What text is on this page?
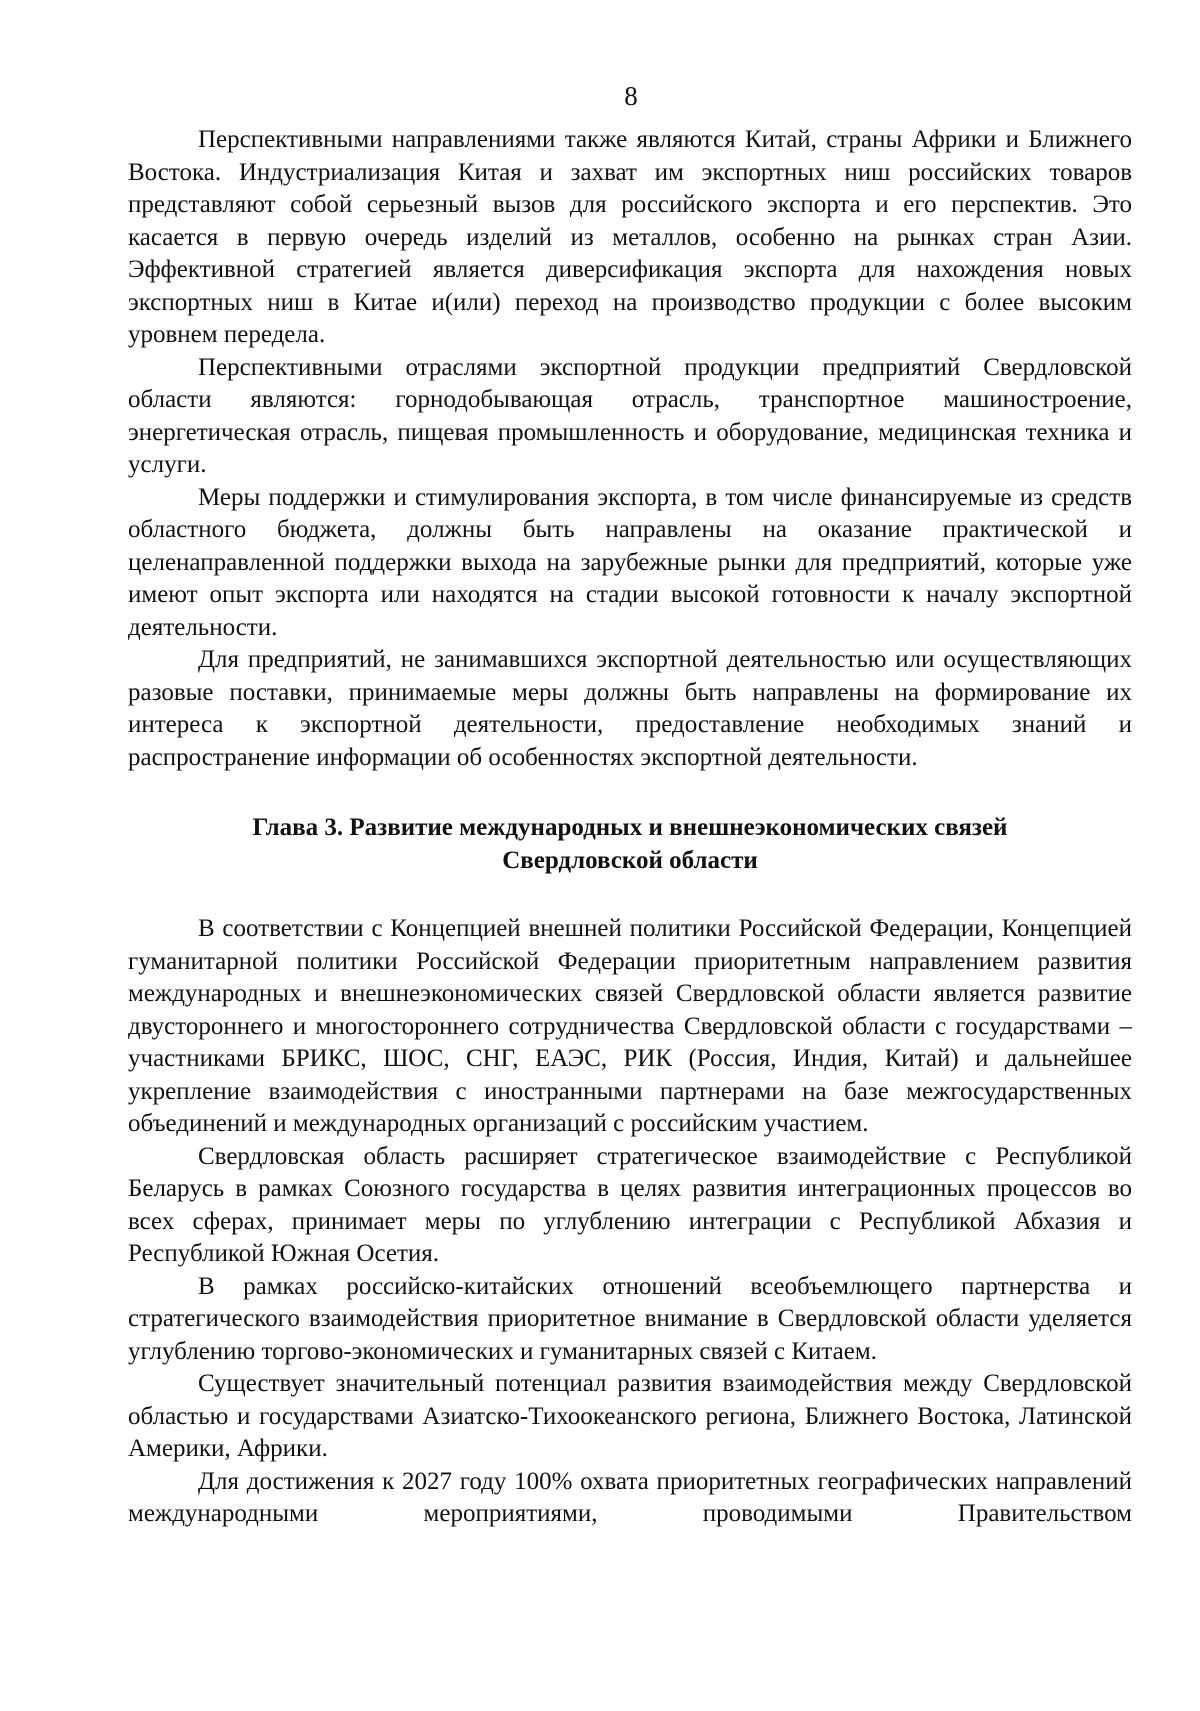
8

Перспективными направлениями также являются Китай, страны Африки и Ближнего Востока. Индустриализация Китая и захват им экспортных ниш российских товаров представляют собой серьезный вызов для российского экспорта и его перспектив. Это касается в первую очередь изделий из металлов, особенно на рынках стран Азии. Эффективной стратегией является диверсификация экспорта для нахождения новых экспортных ниш в Китае и(или) переход на производство продукции с более высоким уровнем передела.

Перспективными отраслями экспортной продукции предприятий Свердловской области являются: горнодобывающая отрасль, транспортное машиностроение, энергетическая отрасль, пищевая промышленность и оборудование, медицинская техника и услуги.

Меры поддержки и стимулирования экспорта, в том числе финансируемые из средств областного бюджета, должны быть направлены на оказание практической и целенаправленной поддержки выхода на зарубежные рынки для предприятий, которые уже имеют опыт экспорта или находятся на стадии высокой готовности к началу экспортной деятельности.

Для предприятий, не занимавшихся экспортной деятельностью или осуществляющих разовые поставки, принимаемые меры должны быть направлены на формирование их интереса к экспортной деятельности, предоставление необходимых знаний и распространение информации об особенностях экспортной деятельности.

Глава 3. Развитие международных и внешнеэкономических связей
Свердловской области

В соответствии с Концепцией внешней политики Российской Федерации, Концепцией гуманитарной политики Российской Федерации приоритетным направлением развития международных и внешнеэкономических связей Свердловской области является развитие двустороннего и многостороннего сотрудничества Свердловской области с государствами – участниками БРИКС, ШОС, СНГ, ЕАЭС, РИК (Россия, Индия, Китай) и дальнейшее укрепление взаимодействия с иностранными партнерами на базе межгосударственных объединений и международных организаций с российским участием.

Свердловская область расширяет стратегическое взаимодействие с Республикой Беларусь в рамках Союзного государства в целях развития интеграционных процессов во всех сферах, принимает меры по углублению интеграции с Республикой Абхазия и Республикой Южная Осетия.

В рамках российско-китайских отношений всеобъемлющего партнерства и стратегического взаимодействия приоритетное внимание в Свердловской области уделяется углублению торгово-экономических и гуманитарных связей с Китаем.

Существует значительный потенциал развития взаимодействия между Свердловской областью и государствами Азиатско-Тихоокеанского региона, Ближнего Востока, Латинской Америки, Африки.

Для достижения к 2027 году 100% охвата приоритетных географических направлений международными мероприятиями, проводимыми Правительством
